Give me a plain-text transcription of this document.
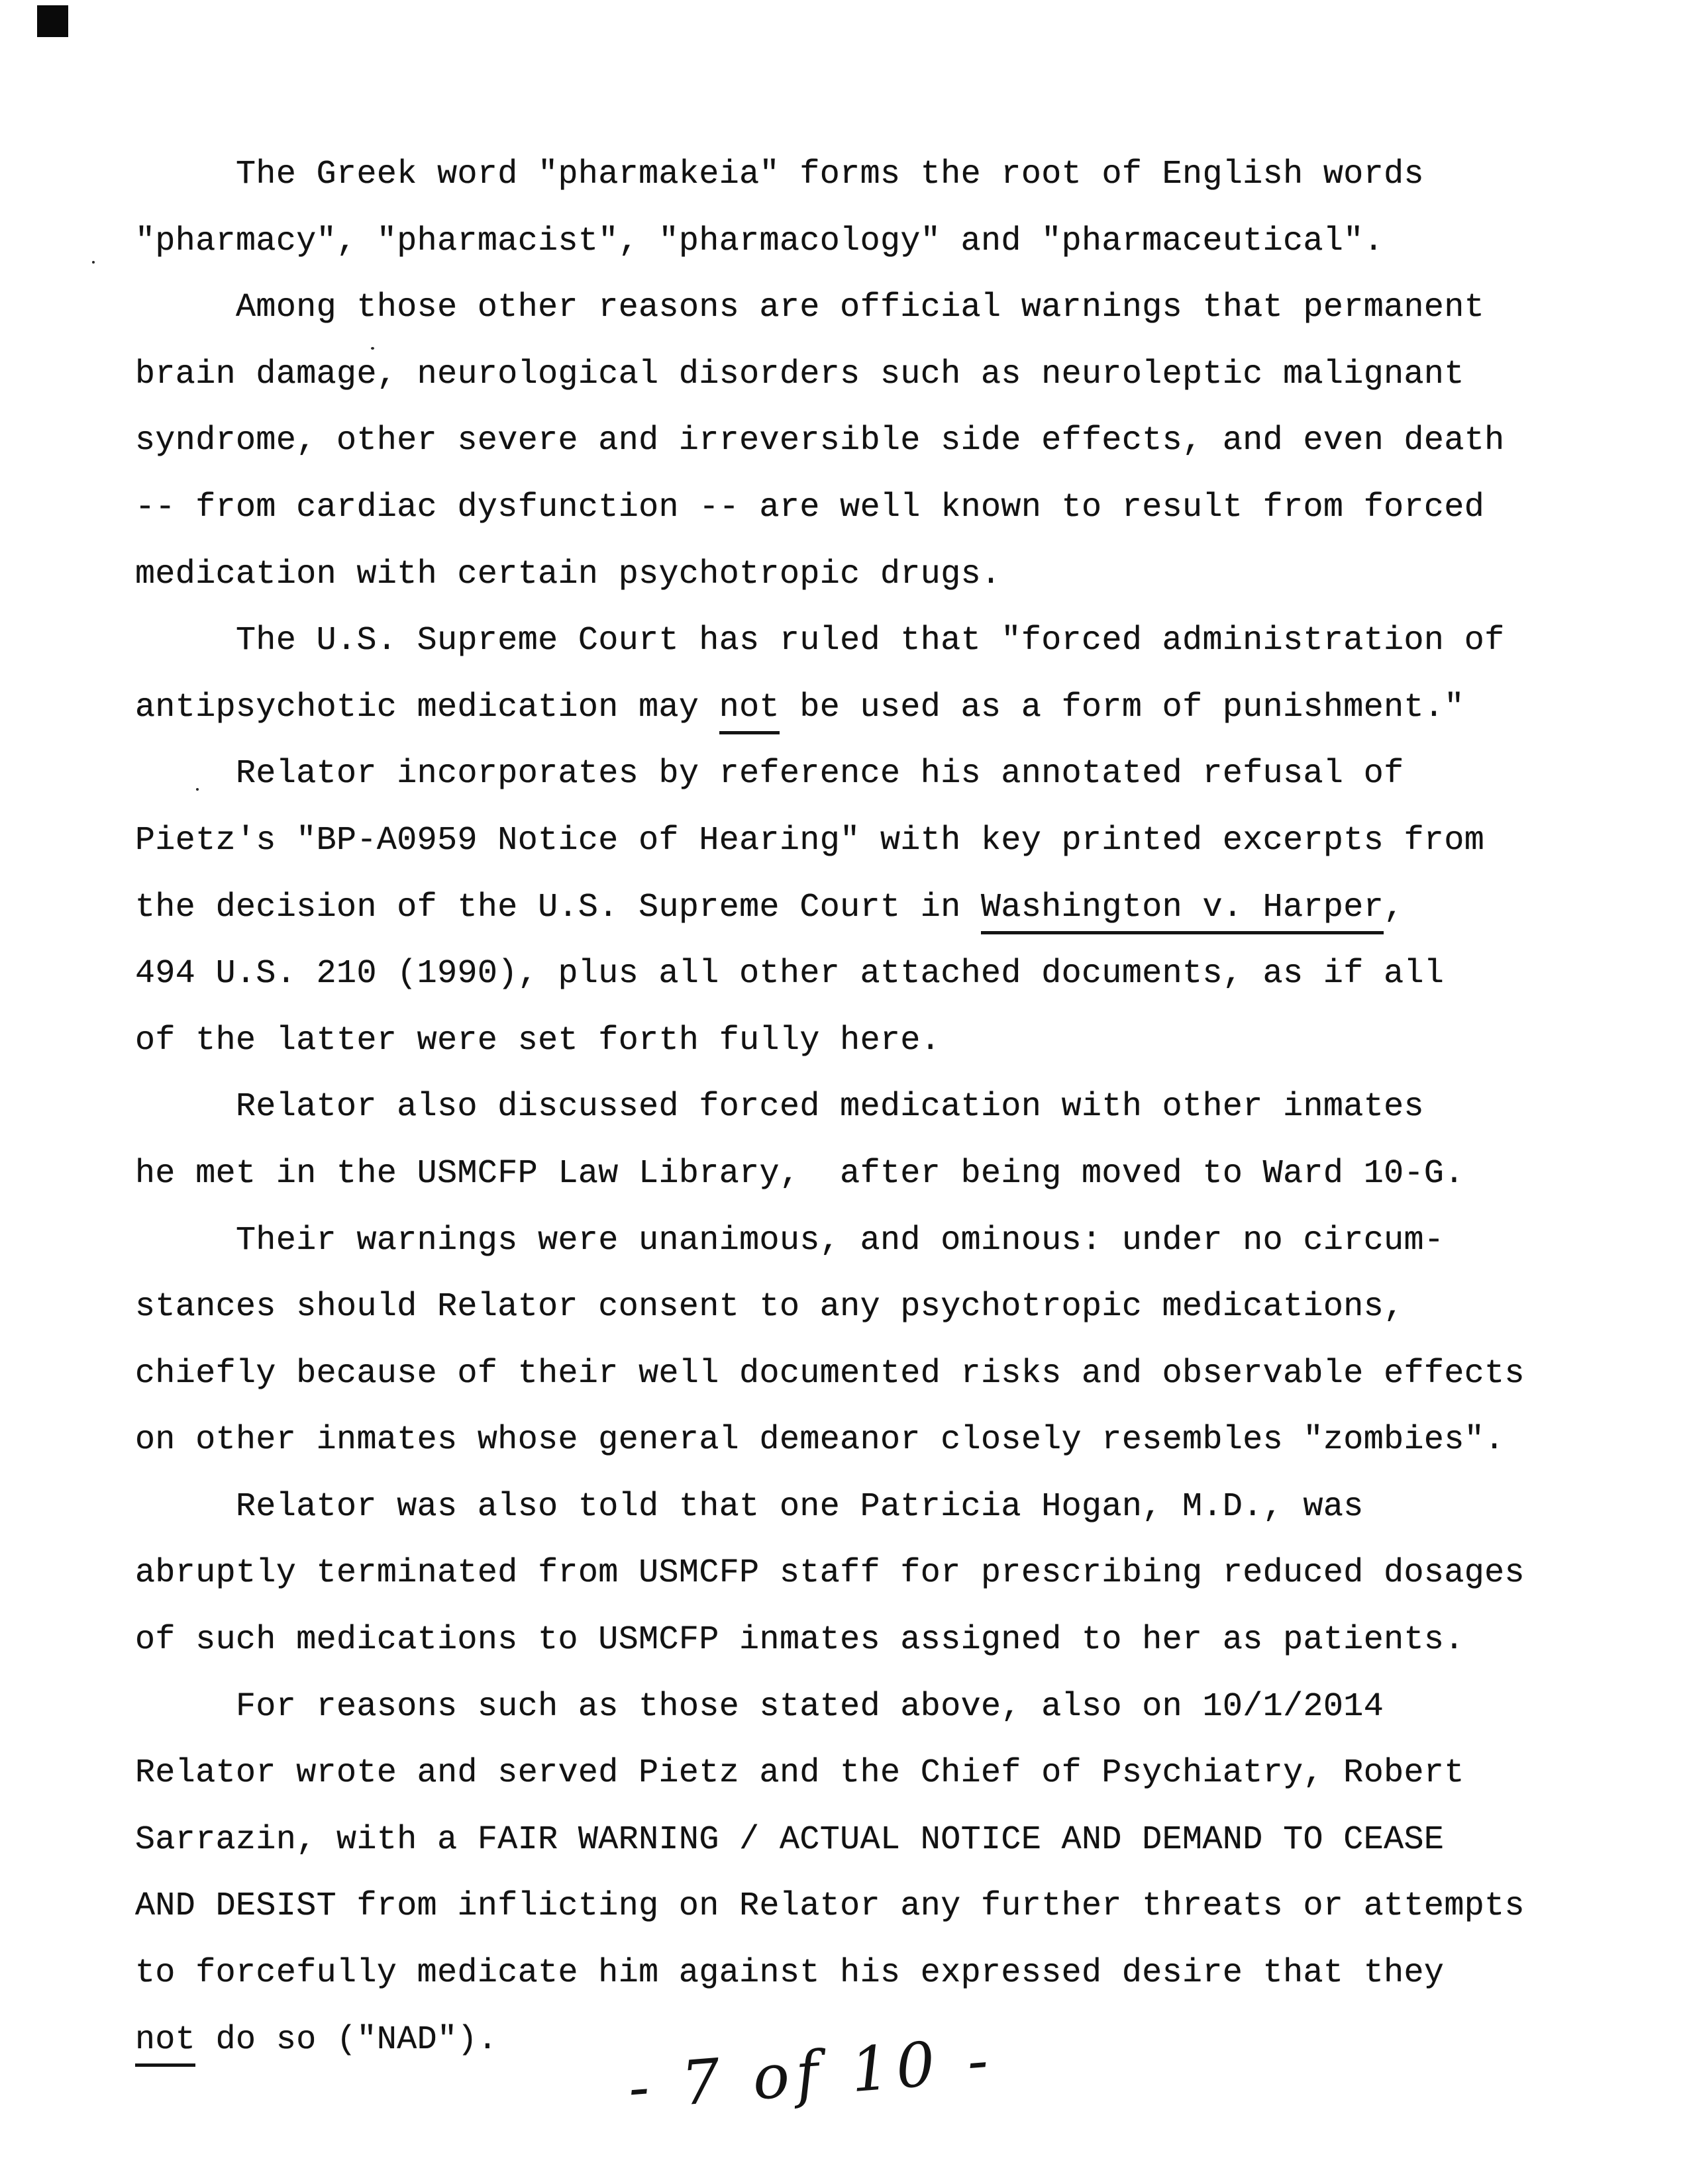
The Greek word "pharmakeia" forms the root of English words
"pharmacy", "pharmacist", "pharmacology" and "pharmaceutical".
Among those other reasons are official warnings that permanent
brain damage, neurological disorders such as neuroleptic malignant
syndrome, other severe and irreversible side effects, and even death
-- from cardiac dysfunction -- are well known to result from forced
medication with certain psychotropic drugs.
The U.S. Supreme Court has ruled that "forced administration of
antipsychotic medication may not be used as a form of punishment."
Relator incorporates by reference his annotated refusal of
Pietz's "BP-A0959 Notice of Hearing" with key printed excerpts from
the decision of the U.S. Supreme Court in Washington v. Harper,
494 U.S. 210 (1990), plus all other attached documents, as if all
of the latter were set forth fully here.
Relator also discussed forced medication with other inmates
he met in the USMCFP Law Library,  after being moved to Ward 10-G.
Their warnings were unanimous, and ominous: under no circum-
stances should Relator consent to any psychotropic medications,
chiefly because of their well documented risks and observable effects
on other inmates whose general demeanor closely resembles "zombies".
Relator was also told that one Patricia Hogan, M.D., was
abruptly terminated from USMCFP staff for prescribing reduced dosages
of such medications to USMCFP inmates assigned to her as patients.
For reasons such as those stated above, also on 10/1/2014
Relator wrote and served Pietz and the Chief of Psychiatry, Robert
Sarrazin, with a FAIR WARNING / ACTUAL NOTICE AND DEMAND TO CEASE
AND DESIST from inflicting on Relator any further threats or attempts
to forcefully medicate him against his expressed desire that they
not do so ("NAD").	- 7 of 10 -
